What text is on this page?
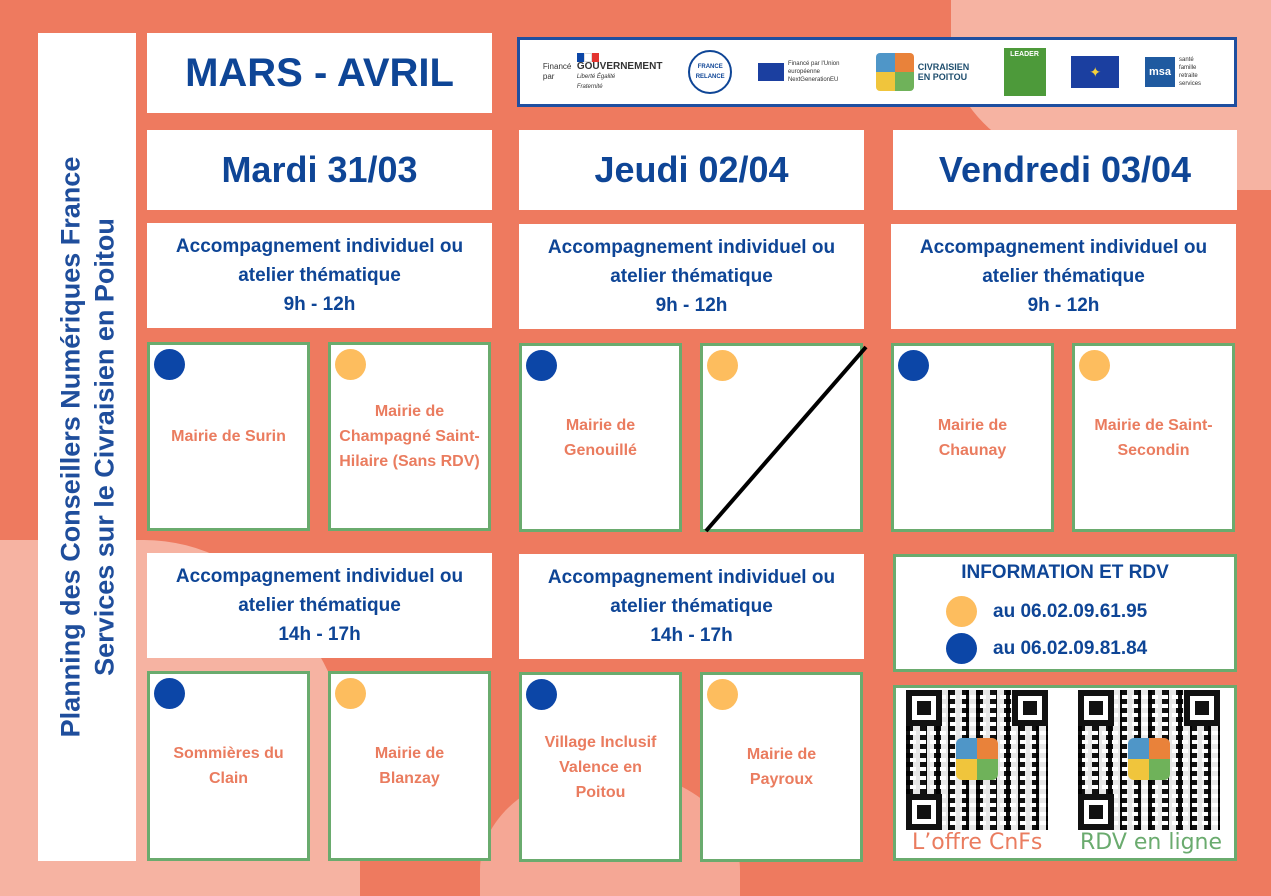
Planning des Conseillers Numériques France Services sur le Civraisien en Poitou
MARS - AVRIL	Financé par
GOUVERNEMENT
Liberté Égalité Fraternité
FRANCE RELANCE
Financé par l'Union européenne NextGenerationEU
CIVRAISIEN EN POITOU
LEADER
✦	msa
santé famille retraite services
Mardi 31/03	Jeudi 02/04	Vendredi 03/04
Accompagnement individuel ou
atelier thématique
9h - 12h
Accompagnement individuel ou
atelier thématique
9h - 12h
Accompagnement individuel ou
atelier thématique
9h - 12h
Mairie de Surin
Mairie de Champagné Saint-Hilaire (Sans RDV)
Mairie de Genouillé
Mairie de Chaunay
Mairie de Saint-Secondin
Accompagnement individuel ou
atelier thématique
14h - 17h
Accompagnement individuel ou
atelier thématique
14h - 17h
INFORMATION ET RDV
au 06.02.09.61.95
au 06.02.09.81.84
Sommières du Clain
Mairie de Blanzay
Village Inclusif Valence en Poitou
Mairie de Payroux
L’offre CnFs RDV en ligne
